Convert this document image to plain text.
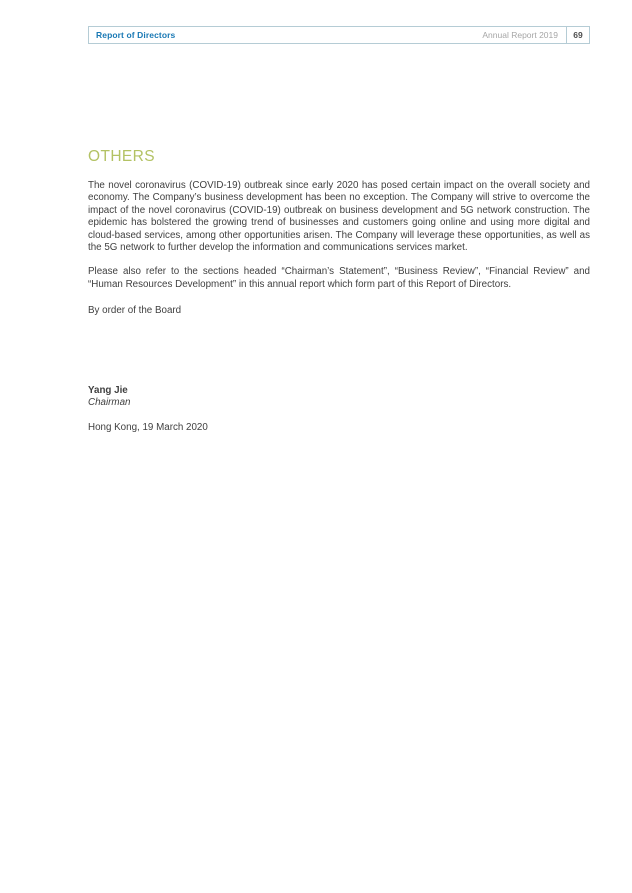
Report of Directors	Annual Report 2019	69
OTHERS

The novel coronavirus (COVID-19) outbreak since early 2020 has posed certain impact on the overall society and economy. The Company’s business development has been no exception. The Company will strive to overcome the impact of the novel coronavirus (COVID-19) outbreak on business development and 5G network construction. The epidemic has bolstered the growing trend of businesses and customers going online and using more digital and cloud-based services, among other opportunities arisen. The Company will leverage these opportunities, as well as the 5G network to further develop the information and communications services market.

Please also refer to the sections headed “Chairman’s Statement”, “Business Review”, “Financial Review” and “Human Resources Development” in this annual report which form part of this Report of Directors.

By order of the Board

Yang Jie
Chairman

Hong Kong, 19 March 2020
